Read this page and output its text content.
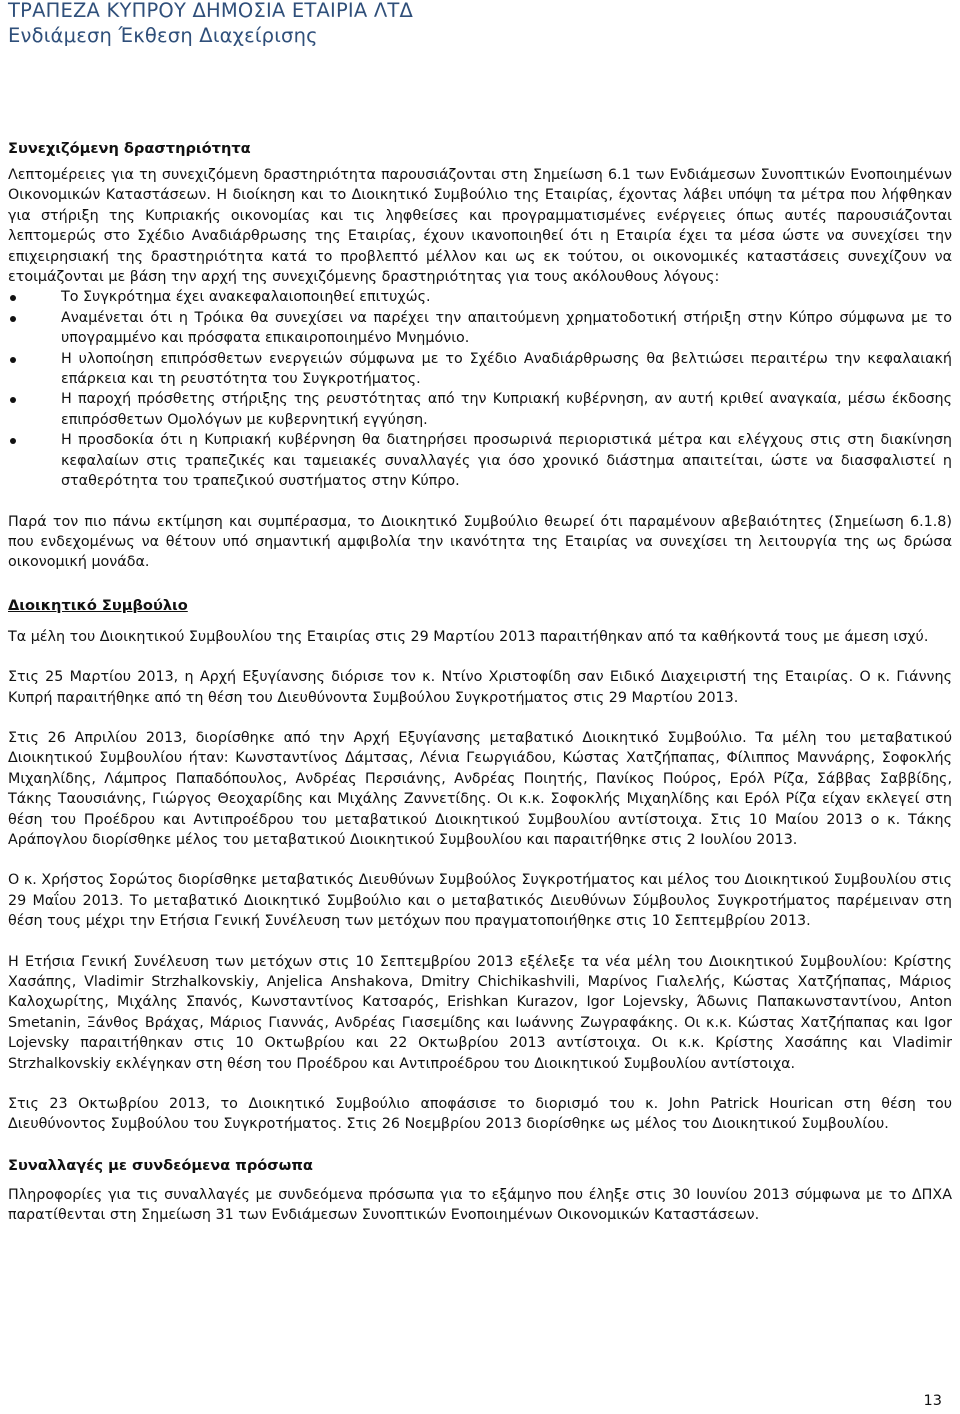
ΤΡΑΠΕΖΑ ΚΥΠΡΟΥ ΔΗΜΟΣΙΑ ΕΤΑΙΡΙΑ ΛΤΔ
Ενδιάμεση Έκθεση Διαχείρισης
Συνεχιζόμενη δραστηριότητα

Λεπτομέρειες για τη συνεχιζόμενη δραστηριότητα παρουσιάζονται στη Σημείωση 6.1 των Ενδιάμεσων Συνοπτικών Ενοποιημένων Οικονομικών Καταστάσεων. Η διοίκηση και το Διοικητικό Συμβούλιο της Εταιρίας, έχοντας λάβει υπόψη τα μέτρα που λήφθηκαν για στήριξη της Κυπριακής οικονομίας και τις ληφθείσες και προγραμματισμένες ενέργειες όπως αυτές παρουσιάζονται λεπτομερώς στο Σχέδιο Αναδιάρθρωσης της Εταιρίας, έχουν ικανοποιηθεί ότι η Εταιρία έχει τα μέσα ώστε να συνεχίσει την επιχειρησιακή της δραστηριότητα κατά το προβλεπτό μέλλον και ως εκ τούτου, οι οικονομικές καταστάσεις συνεχίζουν να ετοιμάζονται με βάση την αρχή της συνεχιζόμενης δραστηριότητας για τους ακόλουθους λόγους:

Το Συγκρότημα έχει ανακεφαλαιοποιηθεί επιτυχώς.
Αναμένεται ότι η Τρόικα θα συνεχίσει να παρέχει την απαιτούμενη χρηματοδοτική στήριξη στην Κύπρο σύμφωνα με το υπογραμμένο και πρόσφατα επικαιροποιημένο Μνημόνιο.
Η υλοποίηση επιπρόσθετων ενεργειών σύμφωνα με το Σχέδιο Αναδιάρθρωσης θα βελτιώσει περαιτέρω την κεφαλαιακή επάρκεια και τη ρευστότητα του Συγκροτήματος.
Η παροχή πρόσθετης στήριξης της ρευστότητας από την Κυπριακή κυβέρνηση, αν αυτή κριθεί αναγκαία, μέσω έκδοσης επιπρόσθετων Ομολόγων με κυβερνητική εγγύηση.
Η προσδοκία ότι η Κυπριακή κυβέρνηση θα διατηρήσει προσωρινά περιοριστικά μέτρα και ελέγχους στις στη διακίνηση κεφαλαίων στις τραπεζικές και ταμειακές συναλλαγές για όσο χρονικό διάστημα απαιτείται, ώστε να διασφαλιστεί η σταθερότητα του τραπεζικού συστήματος στην Κύπρο.

Παρά τον πιο πάνω εκτίμηση και συμπέρασμα, το Διοικητικό Συμβούλιο θεωρεί ότι παραμένουν αβεβαιότητες (Σημείωση 6.1.8) που ενδεχομένως να θέτουν υπό σημαντική αμφιβολία την ικανότητα της Εταιρίας να συνεχίσει τη λειτουργία της ως δρώσα οικονομική μονάδα.

Διοικητικό Συμβούλιο

Τα μέλη του Διοικητικού Συμβουλίου της Εταιρίας στις 29 Μαρτίου 2013 παραιτήθηκαν από τα καθήκοντά τους με άμεση ισχύ.

Στις 25 Μαρτίου 2013, η Αρχή Εξυγίανσης διόρισε τον κ. Ντίνο Χριστοφίδη σαν Ειδικό Διαχειριστή της Εταιρίας. Ο κ. Γιάννης Κυπρή παραιτήθηκε από τη θέση του Διευθύνοντα Συμβούλου Συγκροτήματος στις 29 Μαρτίου 2013.

Στις 26 Απριλίου 2013, διορίσθηκε από την Αρχή Εξυγίανσης μεταβατικό Διοικητικό Συμβούλιο. Τα μέλη του μεταβατικού Διοικητικού Συμβουλίου ήταν: Κωνσταντίνος Δάμτσας, Λένια Γεωργιάδου, Κώστας Χατζήπαπας, Φίλιππος Μαννάρης, Σοφοκλής Μιχαηλίδης, Λάμπρος Παπαδόπουλος, Ανδρέας Περσιάνης, Ανδρέας Ποιητής, Πανίκος Πούρος, Ερόλ Ρίζα, Σάββας Σαββίδης, Τάκης Ταουσιάνης, Γιώργος Θεοχαρίδης και Μιχάλης Ζαννετίδης. Οι κ.κ. Σοφοκλής Μιχαηλίδης και Ερόλ Ρίζα είχαν εκλεγεί στη θέση του Προέδρου και Αντιπροέδρου του μεταβατικού Διοικητικού Συμβουλίου αντίστοιχα. Στις 10 Μαίου 2013 ο κ. Τάκης Αράπογλου διορίσθηκε μέλος του μεταβατικού Διοικητικού Συμβουλίου και παραιτήθηκε στις 2 Ιουλίου 2013.

Ο κ. Χρήστος Σορώτος διορίσθηκε μεταβατικός Διευθύνων Συμβούλος Συγκροτήματος και μέλος του Διοικητικού Συμβουλίου στις 29 Μαΐου 2013. Το μεταβατικό Διοικητικό Συμβούλιο και ο μεταβατικός Διευθύνων Σύμβουλος Συγκροτήματος παρέμειναν στη θέση τους μέχρι την Ετήσια Γενική Συνέλευση των μετόχων που πραγματοποιήθηκε στις 10 Σεπτεμβρίου 2013.

Η Ετήσια Γενική Συνέλευση των μετόχων στις 10 Σεπτεμβρίου 2013 εξέλεξε τα νέα μέλη του Διοικητικού Συμβουλίου: Κρίστης Χασάπης, Vladimir Strzhalkovskiy, Anjelica Anshakova, Dmitry Chichikashvili, Μαρίνος Γιαλελής, Κώστας Χατζήπαπας, Μάριος Καλοχωρίτης, Μιχάλης Σπανός, Κωνσταντίνος Κατσαρός, Erishkan Kurazov, Igor Lojevsky, Άδωνις Παπακωνσταντίνου, Anton Smetanin, Ξάνθος Βράχας, Μάριος Γιαννάς, Ανδρέας Γιασεμίδης και Ιωάννης Ζωγραφάκης. Οι κ.κ. Κώστας Χατζήπαπας και Igor Lojevsky παραιτήθηκαν στις 10 Οκτωβρίου και 22 Οκτωβρίου 2013 αντίστοιχα. Οι κ.κ. Κρίστης Χασάπης και Vladimir Strzhalkovskiy εκλέγηκαν στη θέση του Προέδρου και Αντιπροέδρου του Διοικητικού Συμβουλίου αντίστοιχα.

Στις 23 Οκτωβρίου 2013, το Διοικητικό Συμβούλιο αποφάσισε το διορισμό του κ. John Patrick Hourican στη θέση του Διευθύνοντος Συμβούλου του Συγκροτήματος. Στις 26 Νοεμβρίου 2013 διορίσθηκε ως μέλος του Διοικητικού Συμβουλίου.

Συναλλαγές με συνδεόμενα πρόσωπα

Πληροφορίες για τις συναλλαγές με συνδεόμενα πρόσωπα για το εξάμηνο που έληξε στις 30 Ιουνίου 2013 σύμφωνα με το ΔΠΧΑ παρατίθενται στη Σημείωση 31 των Ενδιάμεσων Συνοπτικών Ενοποιημένων Οικονομικών Καταστάσεων.

13
